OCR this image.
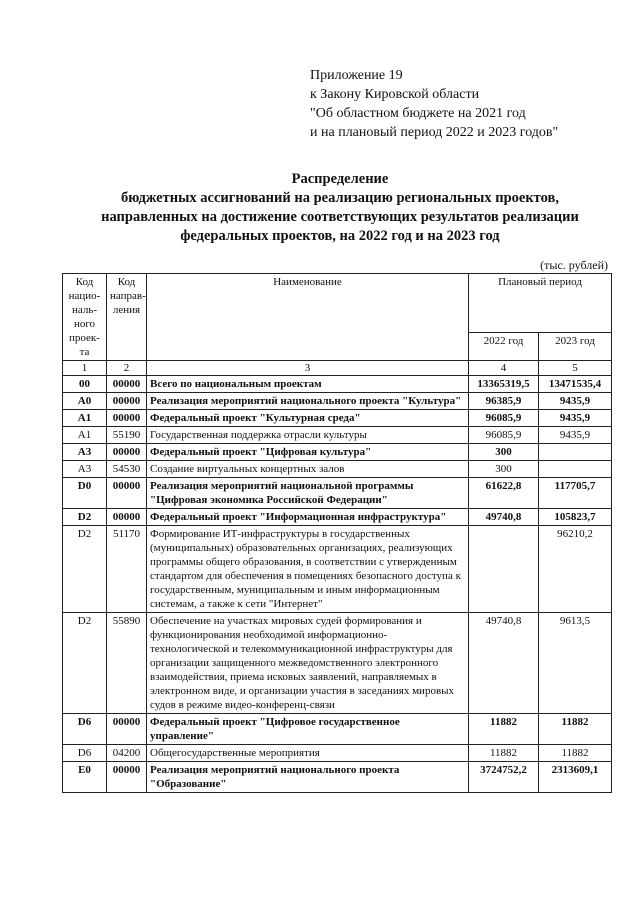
Приложение 19
к Закону Кировской области
"Об областном бюджете на 2021 год
и на плановый период 2022 и 2023 годов"
Распределение
бюджетных ассигнований на реализацию региональных проектов,
направленных на достижение соответствующих результатов реализации
федеральных проектов, на 2022 год и на 2023 год
(тыс. рублей)
Код нацио-наль-ного проек-та	Код направ-ления	Наименование	Плановый период	
			2022 год	2023 год
1	2	3	4	5
00	00000	Всего по национальным проектам	13365319,5	13471535,4
A0	00000	Реализация мероприятий национального проекта "Культура"	96385,9	9435,9
A1	00000	Федеральный проект "Культурная среда"	96085,9	9435,9
A1	55190	Государственная поддержка отрасли культуры	96085,9	9435,9
A3	00000	Федеральный проект "Цифровая культура"	300	
A3	54530	Создание виртуальных концертных залов	300	
D0	00000	Реализация мероприятий национальной программы "Цифровая экономика Российской Федерации"	61622,8	117705,7
D2	00000	Федеральный проект "Информационная инфраструктура"	49740,8	105823,7
D2	51170	Формирование ИТ-инфраструктуры в государственных (муниципальных) образовательных организациях, реализующих программы общего образования, в соответствии с утвержденным стандартом для обеспечения в помещениях безопасного доступа к государственным, муниципальным и иным информационным системам, а также к сети "Интернет"		96210,2
D2	55890	Обеспечение на участках мировых судей формирования и функционирования необходимой информационно-технологической и телекоммуникационной инфраструктуры для организации защищенного межведомственного электронного взаимодействия, приема исковых заявлений, направляемых в электронном виде, и организации участия в заседаниях мировых судов в режиме видео-конференц-связи	49740,8	9613,5
D6	00000	Федеральный проект "Цифровое государственное управление"	11882	11882
D6	04200	Общегосударственные мероприятия	11882	11882
E0	00000	Реализация мероприятий национального проекта "Образование"	3724752,2	2313609,1
